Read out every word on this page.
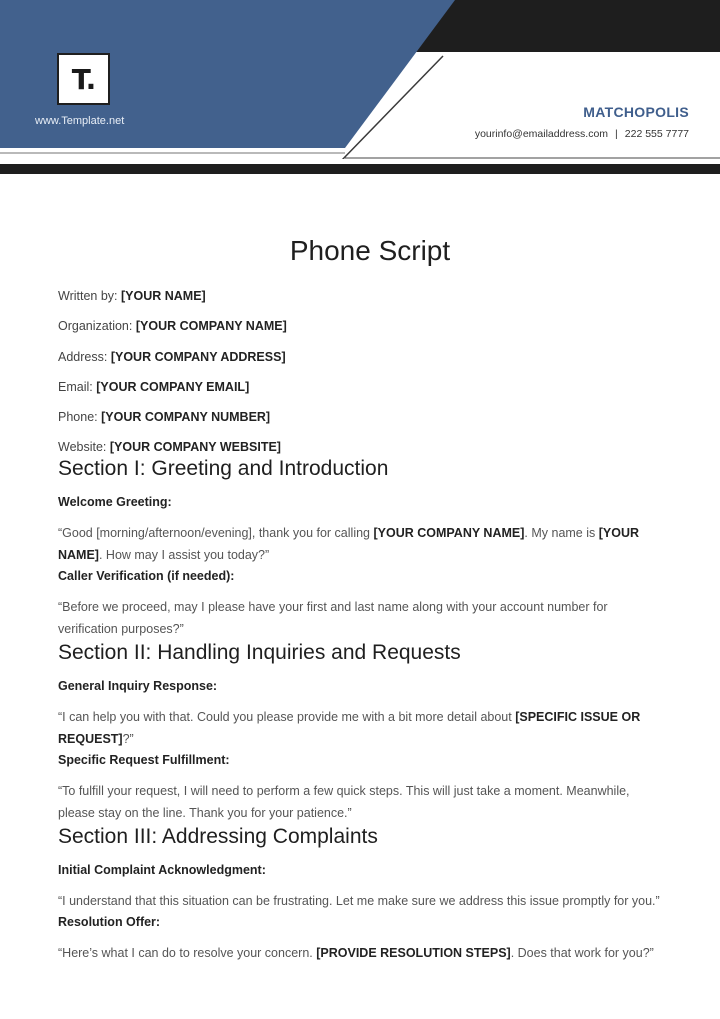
T.
www.Template.net
MATCHOPOLIS
yourinfo@emailaddress.com | 222 555 7777
Phone Script
Written by: [YOUR NAME]
Organization: [YOUR COMPANY NAME]
Address: [YOUR COMPANY ADDRESS]
Email: [YOUR COMPANY EMAIL]
Phone: [YOUR COMPANY NUMBER]
Website: [YOUR COMPANY WEBSITE]
Section I: Greeting and Introduction
Welcome Greeting:
“Good [morning/afternoon/evening], thank you for calling [YOUR COMPANY NAME]. My name is [YOUR NAME]. How may I assist you today?”
Caller Verification (if needed):
“Before we proceed, may I please have your first and last name along with your account number for verification purposes?”
Section II: Handling Inquiries and Requests
General Inquiry Response:
“I can help you with that. Could you please provide me with a bit more detail about [SPECIFIC ISSUE OR REQUEST]?”
Specific Request Fulfillment:
“To fulfill your request, I will need to perform a few quick steps. This will just take a moment. Meanwhile, please stay on the line. Thank you for your patience.”
Section III: Addressing Complaints
Initial Complaint Acknowledgment:
“I understand that this situation can be frustrating. Let me make sure we address this issue promptly for you.”
Resolution Offer:
“Here’s what I can do to resolve your concern. [PROVIDE RESOLUTION STEPS]. Does that work for you?”
